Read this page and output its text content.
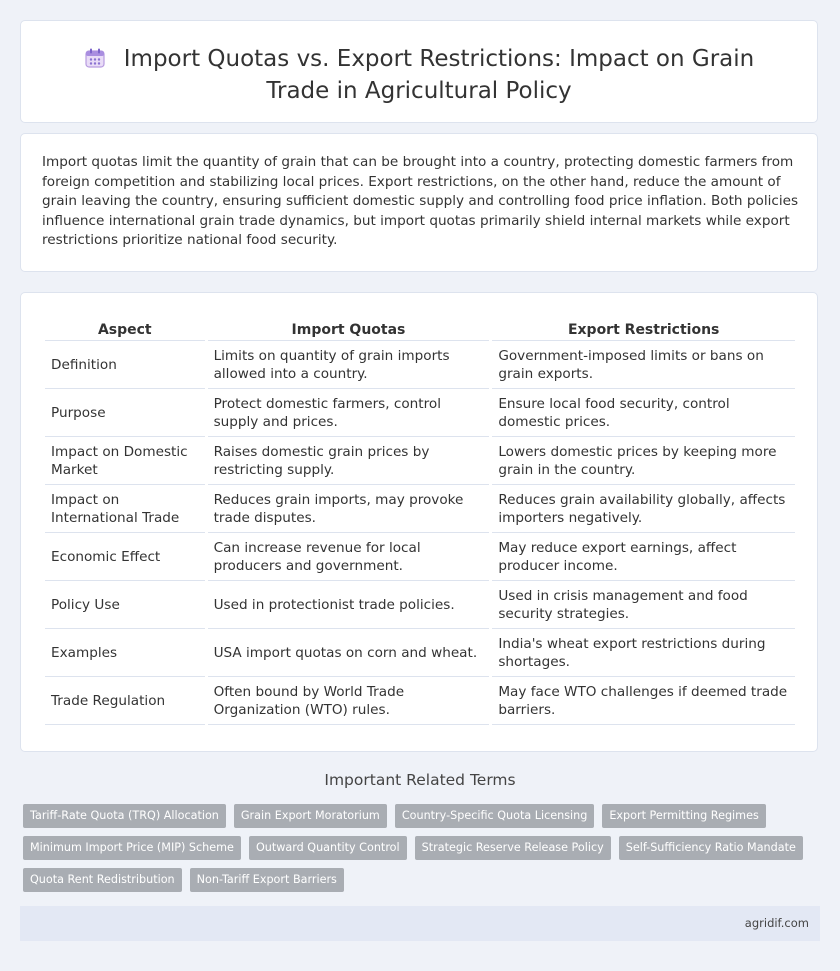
Import Quotas vs. Export Restrictions: Impact on Grain Trade in Agricultural Policy

Import quotas limit the quantity of grain that can be brought into a country, protecting domestic farmers from foreign competition and stabilizing local prices. Export restrictions, on the other hand, reduce the amount of grain leaving the country, ensuring sufficient domestic supply and controlling food price inflation. Both policies influence international grain trade dynamics, but import quotas primarily shield internal markets while export restrictions prioritize national food security.

Aspect	Import Quotas	Export Restrictions
Definition	Limits on quantity of grain imports allowed into a country.	Government-imposed limits or bans on grain exports.
Purpose	Protect domestic farmers, control supply and prices.	Ensure local food security, control domestic prices.
Impact on Domestic Market	Raises domestic grain prices by restricting supply.	Lowers domestic prices by keeping more grain in the country.
Impact on International Trade	Reduces grain imports, may provoke trade disputes.	Reduces grain availability globally, affects importers negatively.
Economic Effect	Can increase revenue for local producers and government.	May reduce export earnings, affect producer income.
Policy Use	Used in protectionist trade policies.	Used in crisis management and food security strategies.
Examples	USA import quotas on corn and wheat.	India's wheat export restrictions during shortages.
Trade Regulation	Often bound by World Trade Organization (WTO) rules.	May face WTO challenges if deemed trade barriers.
Important Related Terms
Tariff-Rate Quota (TRQ) Allocation	Grain Export Moratorium	Country-Specific Quota Licensing	Export Permitting Regimes
Minimum Import Price (MIP) Scheme	Outward Quantity Control	Strategic Reserve Release Policy	Self-Sufficiency Ratio Mandate
Quota Rent Redistribution	Non-Tariff Export Barriers
agridif.com
